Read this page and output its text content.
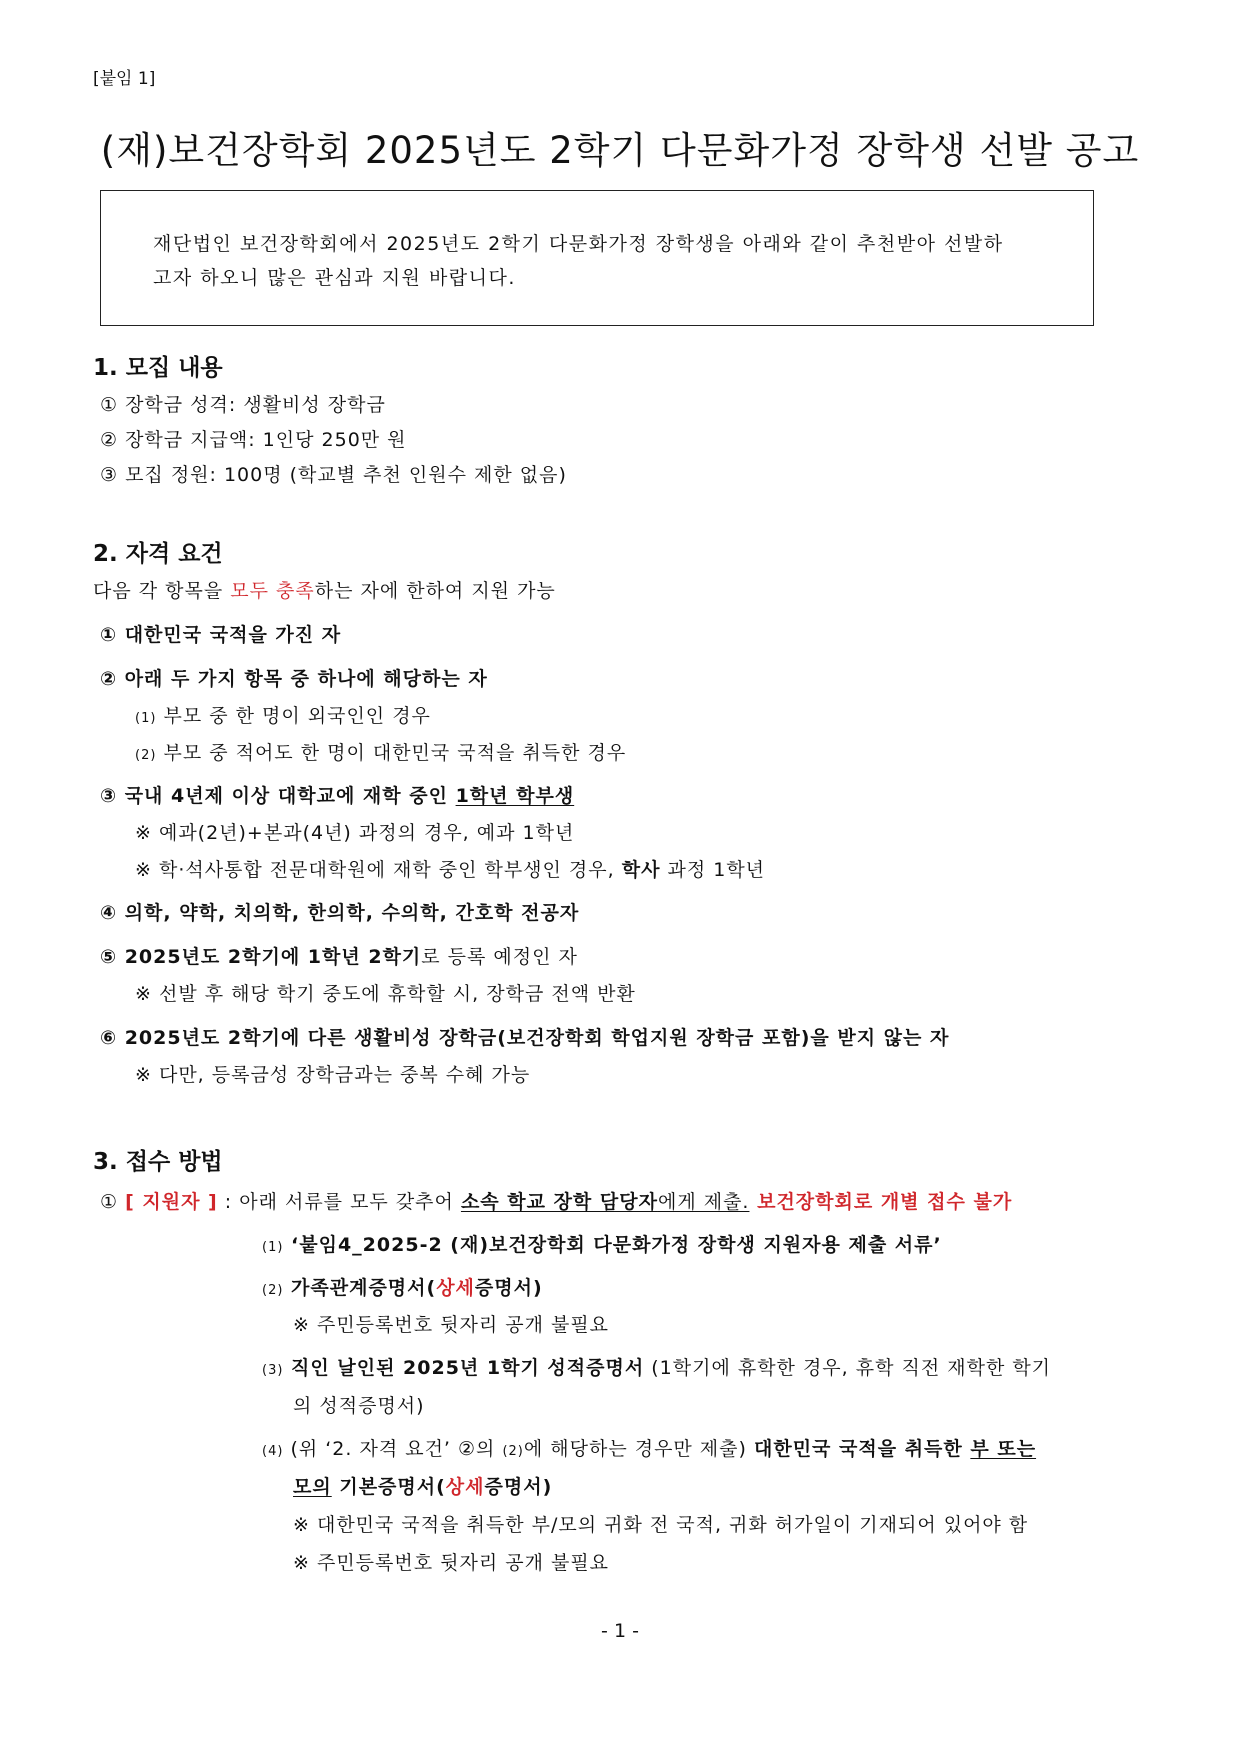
[붙임 1]
(재)보건장학회 2025년도 2학기 다문화가정 장학생 선발 공고
재단법인 보건장학회에서 2025년도 2학기 다문화가정 장학생을 아래와 같이 추천받아 선발하
고자 하오니 많은 관심과 지원 바랍니다.
1. 모집 내용
① 장학금 성격: 생활비성 장학금
② 장학금 지급액: 1인당 250만 원
③ 모집 정원: 100명 (학교별 추천 인원수 제한 없음)
2. 자격 요건
다음 각 항목을 모두 충족하는 자에 한하여 지원 가능
① 대한민국 국적을 가진 자
② 아래 두 가지 항목 중 하나에 해당하는 자
(1) 부모 중 한 명이 외국인인 경우
(2) 부모 중 적어도 한 명이 대한민국 국적을 취득한 경우
③ 국내 4년제 이상 대학교에 재학 중인 1학년 학부생
※ 예과(2년)+본과(4년) 과정의 경우, 예과 1학년
※ 학·석사통합 전문대학원에 재학 중인 학부생인 경우, 학사 과정 1학년
④ 의학, 약학, 치의학, 한의학, 수의학, 간호학 전공자
⑤ 2025년도 2학기에 1학년 2학기로 등록 예정인 자
※ 선발 후 해당 학기 중도에 휴학할 시, 장학금 전액 반환
⑥ 2025년도 2학기에 다른 생활비성 장학금(보건장학회 학업지원 장학금 포함)을 받지 않는 자
※ 다만, 등록금성 장학금과는 중복 수혜 가능
3. 접수 방법
① [ 지원자 ] : 아래 서류를 모두 갖추어 소속 학교 장학 담당자에게 제출. 보건장학회로 개별 접수 불가
(1) ‘붙임4_2025-2 (재)보건장학회 다문화가정 장학생 지원자용 제출 서류’
(2) 가족관계증명서(상세증명서)
※ 주민등록번호 뒷자리 공개 불필요
(3) 직인 날인된 2025년 1학기 성적증명서 (1학기에 휴학한 경우, 휴학 직전 재학한 학기
의 성적증명서)
(4) (위 ‘2. 자격 요건’ ②의 (2)에 해당하는 경우만 제출) 대한민국 국적을 취득한 부 또는
모의 기본증명서(상세증명서)
※ 대한민국 국적을 취득한 부/모의 귀화 전 국적, 귀화 허가일이 기재되어 있어야 함
※ 주민등록번호 뒷자리 공개 불필요
- 1 -
